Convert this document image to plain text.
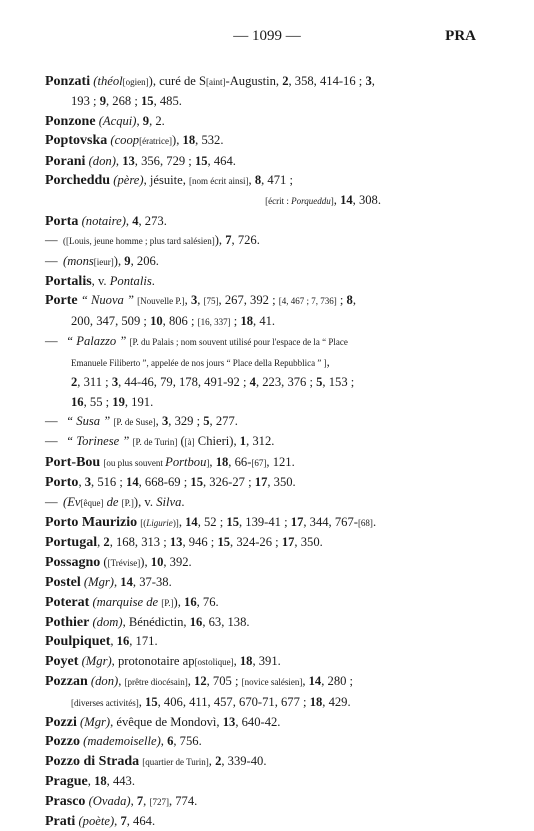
— 1099 —	PRA
Ponzati (théol[ogien]), curé de S[aint]-Augustin, 2, 358, 414-16 ; 3,
193 ; 9, 268 ; 15, 485.
Ponzone (Acqui), 9, 2.
Poptovska (coop[ératrice]), 18, 532.
Porani (don), 13, 356, 729 ; 15, 464.
Porcheddu (père), jésuite, [nom écrit ainsi], 8, 471 ;
[écrit : Porqueddu], 14, 308.
Porta (notaire), 4, 273.
— ([Louis, jeune homme ; plus tard salésien]), 7, 726.
— (mons[ieur]), 9, 206.
Portalis, v. Pontalis.
Porte “ Nuova ” [Nouvelle P.], 3, [75], 267, 392 ; [4, 467 ; 7, 736] ; 8,
200, 347, 509 ; 10, 806 ; [16, 337] ; 18, 41.
— “ Palazzo ” [P. du Palais ; nom souvent utilisé pour l'espace de la “ Place
Emanuele Filiberto ”, appelée de nos jours “ Place della Repubblica ” ],
2, 311 ; 3, 44-46, 79, 178, 491-92 ; 4, 223, 376 ; 5, 153 ;
16, 55 ; 19, 191.
— “ Susa ” [P. de Suse], 3, 329 ; 5, 277.
— “ Torinese ” [P. de Turin] ([à] Chieri), 1, 312.
Port-Bou [ou plus souvent Portbou], 18, 66-[67], 121.
Porto, 3, 516 ; 14, 668-69 ; 15, 326-27 ; 17, 350.
— (Ev[êque] de [P.]), v. Silva.
Porto Maurizio [(Ligurie)], 14, 52 ; 15, 139-41 ; 17, 344, 767-[68].
Portugal, 2, 168, 313 ; 13, 946 ; 15, 324-26 ; 17, 350.
Possagno ([Trévise]), 10, 392.
Postel (Mgr), 14, 37-38.
Poterat (marquise de [P.]), 16, 76.
Pothier (dom), Bénédictin, 16, 63, 138.
Poulpiquet, 16, 171.
Poyet (Mgr), protonotaire ap[ostolique], 18, 391.
Pozzan (don), [prêtre diocésain], 12, 705 ; [novice salésien], 14, 280 ;
[diverses activités], 15, 406, 411, 457, 670-71, 677 ; 18, 429.
Pozzi (Mgr), évêque de Mondovì, 13, 640-42.
Pozzo (mademoiselle), 6, 756.
Pozzo di Strada [quartier de Turin], 2, 339-40.
Prague, 18, 443.
Prasco (Ovada), 7, [727], 774.
Prati (poète), 7, 464.
